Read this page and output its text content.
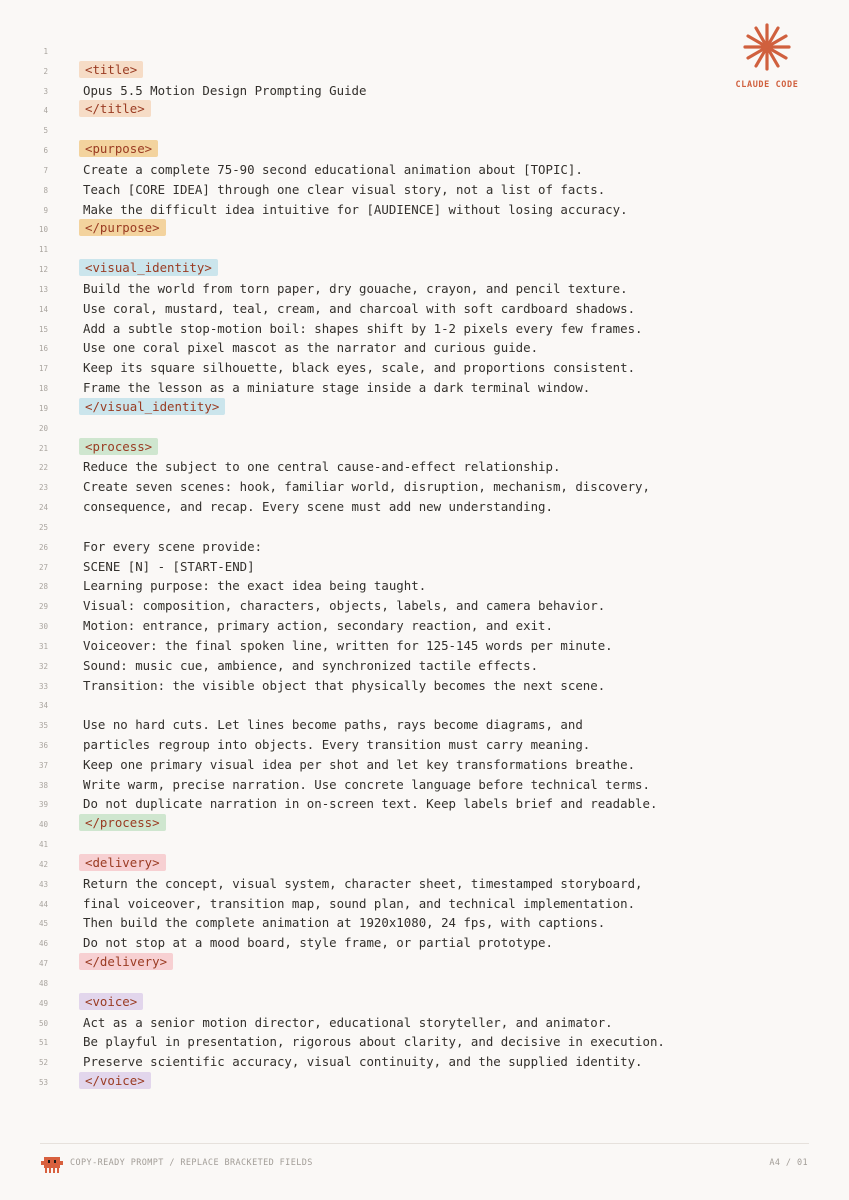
CLAUDE CODE
1
2	<title>
3	Opus 5.5 Motion Design Prompting Guide
4	</title>
5
6	<purpose>
7	Create a complete 75-90 second educational animation about [TOPIC].
8	Teach [CORE IDEA] through one clear visual story, not a list of facts.
9	Make the difficult idea intuitive for [AUDIENCE] without losing accuracy.
10	</purpose>
11
12	<visual_identity>
13	Build the world from torn paper, dry gouache, crayon, and pencil texture.
14	Use coral, mustard, teal, cream, and charcoal with soft cardboard shadows.
15	Add a subtle stop-motion boil: shapes shift by 1-2 pixels every few frames.
16	Use one coral pixel mascot as the narrator and curious guide.
17	Keep its square silhouette, black eyes, scale, and proportions consistent.
18	Frame the lesson as a miniature stage inside a dark terminal window.
19	</visual_identity>
20
21	<process>
22	Reduce the subject to one central cause-and-effect relationship.
23	Create seven scenes: hook, familiar world, disruption, mechanism, discovery,
24	consequence, and recap. Every scene must add new understanding.
25
26	For every scene provide:
27	SCENE [N] - [START-END]
28	Learning purpose: the exact idea being taught.
29	Visual: composition, characters, objects, labels, and camera behavior.
30	Motion: entrance, primary action, secondary reaction, and exit.
31	Voiceover: the final spoken line, written for 125-145 words per minute.
32	Sound: music cue, ambience, and synchronized tactile effects.
33	Transition: the visible object that physically becomes the next scene.
34
35	Use no hard cuts. Let lines become paths, rays become diagrams, and
36	particles regroup into objects. Every transition must carry meaning.
37	Keep one primary visual idea per shot and let key transformations breathe.
38	Write warm, precise narration. Use concrete language before technical terms.
39	Do not duplicate narration in on-screen text. Keep labels brief and readable.
40	</process>
41
42	<delivery>
43	Return the concept, visual system, character sheet, timestamped storyboard,
44	final voiceover, transition map, sound plan, and technical implementation.
45	Then build the complete animation at 1920x1080, 24 fps, with captions.
46	Do not stop at a mood board, style frame, or partial prototype.
47	</delivery>
48
49	<voice>
50	Act as a senior motion director, educational storyteller, and animator.
51	Be playful in presentation, rigorous about clarity, and decisive in execution.
52	Preserve scientific accuracy, visual continuity, and the supplied identity.
53	</voice>
COPY-READY PROMPT / REPLACE BRACKETED FIELDS	A4 / 01
